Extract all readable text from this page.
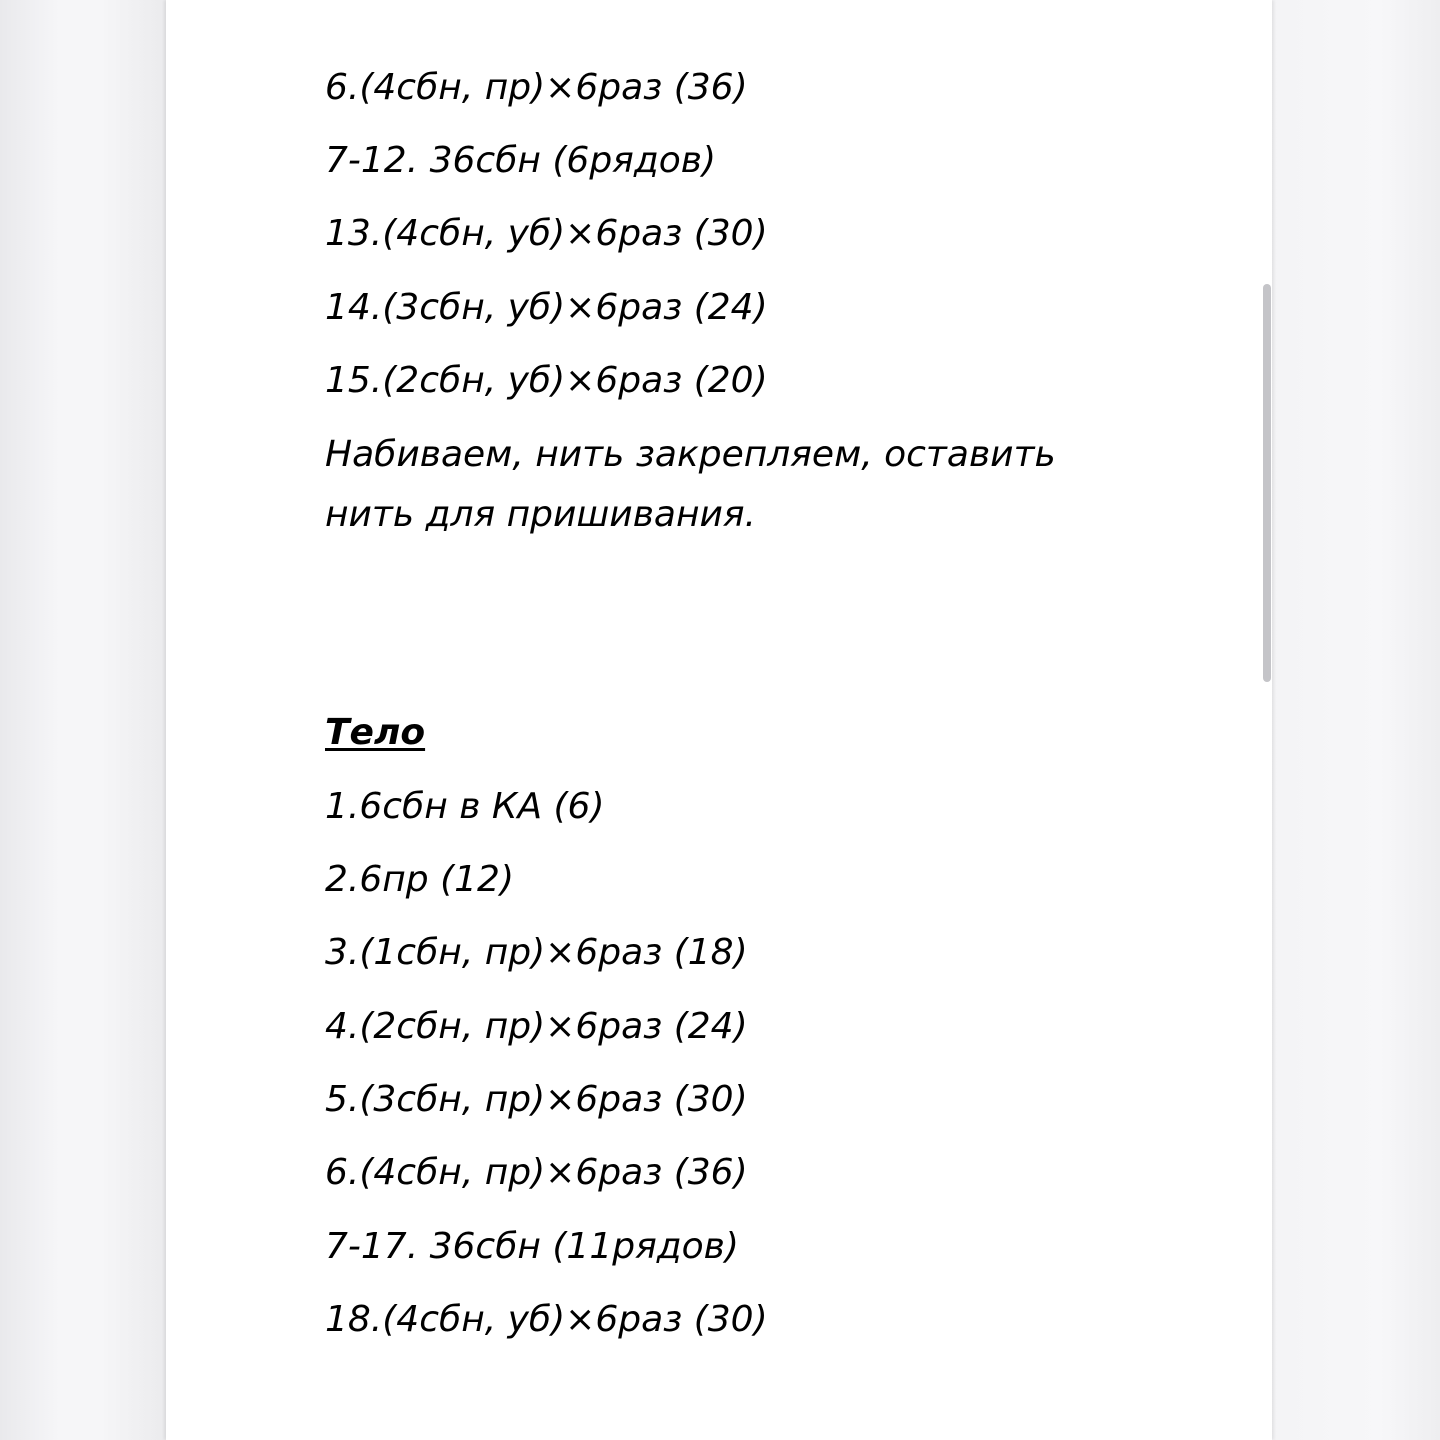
6.(4сбн, пр)×6раз (36)
7-12. 36сбн (6рядов)
13.(4сбн, уб)×6раз (30)
14.(3сбн, уб)×6раз (24)
15.(2сбн, уб)×6раз (20)
Набиваем, нить закрепляем, оставить нить для пришивания.
Тело
1.6сбн в КА (6)
2.6пр (12)
3.(1сбн, пр)×6раз (18)
4.(2сбн, пр)×6раз (24)
5.(3сбн, пр)×6раз (30)
6.(4сбн, пр)×6раз (36)
7-17. 36сбн (11рядов)
18.(4сбн, уб)×6раз (30)
